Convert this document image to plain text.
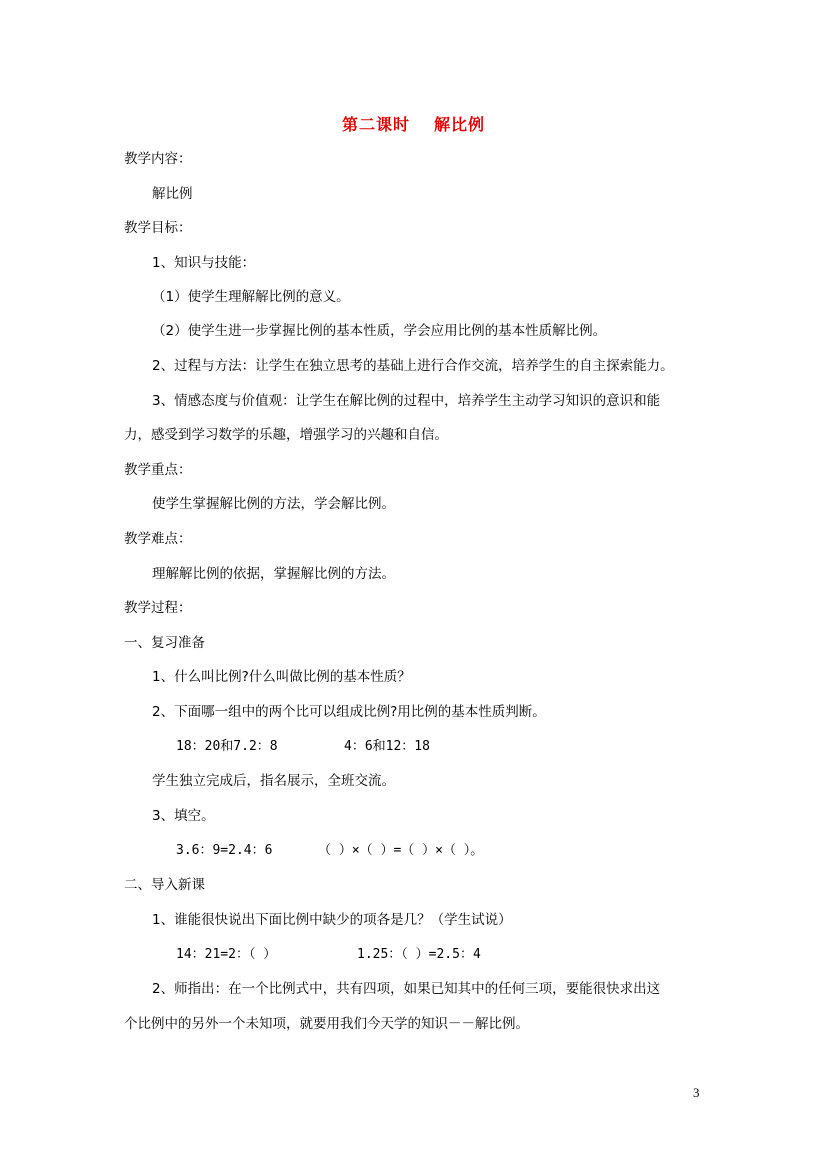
第二课时 解比例
教学内容：
解比例
教学目标：
1、知识与技能：
（1）使学生理解解比例的意义。
（2）使学生进一步掌握比例的基本性质，学会应用比例的基本性质解比例。
2、过程与方法：让学生在独立思考的基础上进行合作交流，培养学生的自主探索能力。
3、情感态度与价值观：让学生在解比例的过程中，培养学生主动学习知识的意识和能
力，感受到学习数学的乐趣，增强学习的兴趣和自信。
教学重点：
使学生掌握解比例的方法，学会解比例。
教学难点：
理解解比例的依据，掌握解比例的方法。
教学过程：
一、复习准备
1、什么叫比例?什么叫做比例的基本性质？
2、下面哪一组中的两个比可以组成比例?用比例的基本性质判断。
18：20和7.2：8	4：6和12：18
学生独立完成后，指名展示，全班交流。
3、填空。
3.6：9=2.4：6	（ ）×（ ）=（ ）×（ ）。
二、导入新课
1、谁能很快说出下面比例中缺少的项各是几？（学生试说）
14：21=2：（ ）	1.25：（ ）=2.5：4
2、师指出：在一个比例式中，共有四项，如果已知其中的任何三项，要能很快求出这
个比例中的另外一个未知项，就要用我们今天学的知识－－解比例。
3
